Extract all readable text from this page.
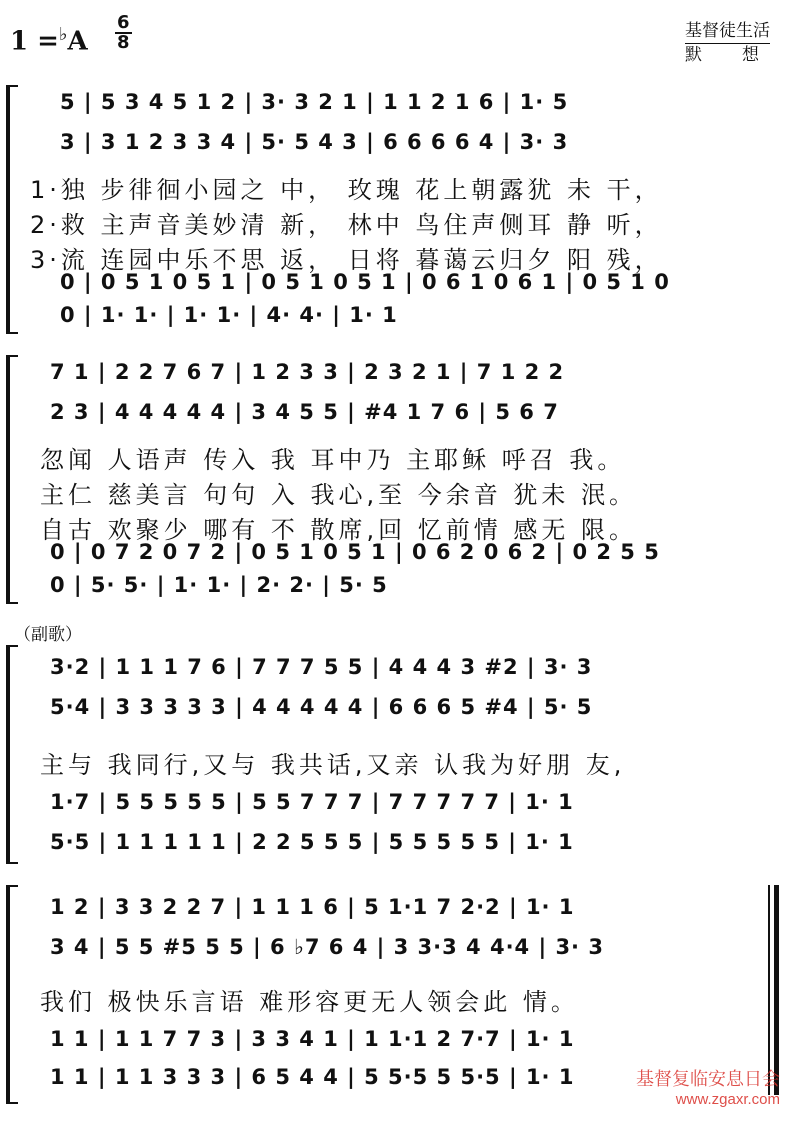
1 =♭A
6
8
基督徒生活
默　　想
5 | 5 3 4 5 1 2 | 3· 3 2 1 | 1 1 2 1 6 | 1· 5
3 | 3 1 2 3 3 4 | 5· 5 4 3 | 6 6 6 6 4 | 3· 3
1·独 步徘徊小园之 中， 玫瑰 花上朝露犹 未 干，
2·救 主声音美妙清 新， 林中 鸟住声侧耳 静 听，
3·流 连园中乐不思 返， 日将 暮蔼云归夕 阳 残，
0 | 0 5 1 0 5 1 | 0 5 1 0 5 1 | 0 6 1 0 6 1 | 0 5 1 0
0 | 1· 1· | 1· 1· | 4· 4· | 1· 1
7 1 | 2 2 7 6 7 | 1 2 3 3 | 2 3 2 1 | 7 1 2 2
2 3 | 4 4 4 4 4 | 3 4 5 5 | #4 1 7 6 | 5 6 7
忽闻 人语声 传入 我 耳中乃 主耶稣 呼召 我。
主仁 慈美言 句句 入 我心,至 今余音 犹未 泯。
自古 欢聚少 哪有 不 散席,回 忆前情 感无 限。
0 | 0 7 2 0 7 2 | 0 5 1 0 5 1 | 0 6 2 0 6 2 | 0 2 5 5
0 | 5· 5· | 1· 1· | 2· 2· | 5· 5
（副歌）
3·2 | 1 1 1 7 6 | 7 7 7 5 5 | 4 4 4 3 #2 | 3· 3
5·4 | 3 3 3 3 3 | 4 4 4 4 4 | 6 6 6 5 #4 | 5· 5
主与 我同行,又与 我共话,又亲 认我为好朋 友,
1·7 | 5 5 5 5 5 | 5 5 7 7 7 | 7 7 7 7 7 | 1· 1
5·5 | 1 1 1 1 1 | 2 2 5 5 5 | 5 5 5 5 5 | 1· 1
1 2 | 3 3 2 2 7 | 1 1 1 6 | 5 1·1 7 2·2 | 1· 1
3 4 | 5 5 #5 5 5 | 6 ♭7 6 4 | 3 3·3 4 4·4 | 3· 3
我们 极快乐言语 难形容更无人领会此 情。
1 1 | 1 1 7 7 3 | 3 3 4 1 | 1 1·1 2 7·7 | 1· 1
1 1 | 1 1 3 3 3 | 6 5 4 4 | 5 5·5 5 5·5 | 1· 1	基督复临安息日会
www.zgaxr.com
